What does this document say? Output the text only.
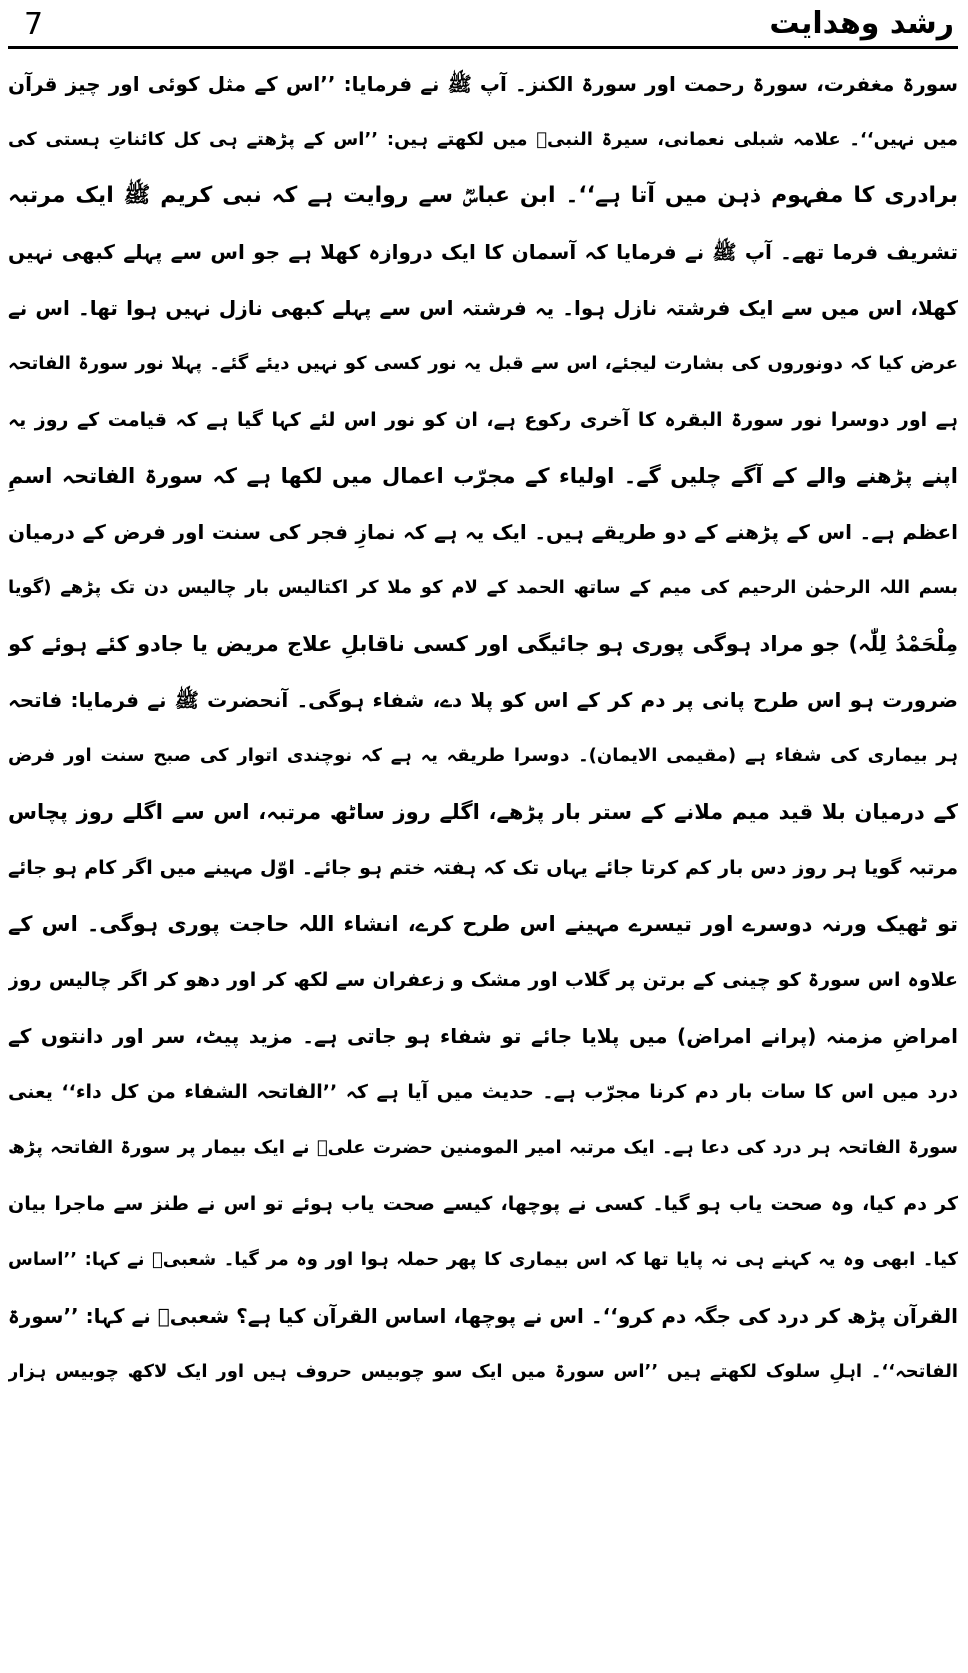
7	رشد وھدایت
سورۃ مغفرت، سورۃ رحمت اور سورۃ الکنز۔ آپ ﷺ نے فرمایا: ’’اس کے مثل کوئی اور چیز قرآن
میں نہیں‘‘۔ علامہ شبلی نعمانی، سیرۃ النبیؐ میں لکھتے ہیں: ’’اس کے پڑھتے ہی کل کائناتِ ہستی کی
برادری کا مفہوم ذہن میں آتا ہے‘‘۔ ابن عباسؓ سے روایت ہے کہ نبی کریم ﷺ ایک مرتبہ
تشریف فرما تھے۔ آپ ﷺ نے فرمایا کہ آسمان کا ایک دروازہ کھلا ہے جو اس سے پہلے کبھی نہیں
کھلا، اس میں سے ایک فرشتہ نازل ہوا۔ یہ فرشتہ اس سے پہلے کبھی نازل نہیں ہوا تھا۔ اس نے
عرض کیا کہ دونوروں کی بشارت لیجئے، اس سے قبل یہ نور کسی کو نہیں دیئے گئے۔ پہلا نور سورۃ الفاتحہ
ہے اور دوسرا نور سورۃ البقرہ کا آخری رکوع ہے، ان کو نور اس لئے کہا گیا ہے کہ قیامت کے روز یہ
اپنے پڑھنے والے کے آگے چلیں گے۔ اولیاء کے مجرّب اعمال میں لکھا ہے کہ سورۃ الفاتحہ اسمِ
اعظم ہے۔ اس کے پڑھنے کے دو طریقے ہیں۔ ایک یہ ہے کہ نمازِ فجر کی سنت اور فرض کے درمیان
بسم اللہ الرحمٰن الرحیم کی میم کے ساتھ الحمد کے لام کو ملا کر اکتالیس بار چالیس دن تک پڑھے (گویا
مِلْحَمْدُ لِلّٰہ) جو مراد ہوگی پوری ہو جائیگی اور کسی ناقابلِ علاج مریض یا جادو کئے ہوئے کو
ضرورت ہو اس طرح پانی پر دم کر کے اس کو پلا دے، شفاء ہوگی۔ آنحضرت ﷺ نے فرمایا: فاتحہ
ہر بیماری کی شفاء ہے (مقیمی الایمان)۔ دوسرا طریقہ یہ ہے کہ نوچندی اتوار کی صبح سنت اور فرض
کے درمیان بلا قید میم ملانے کے ستر بار پڑھے، اگلے روز ساٹھ مرتبہ، اس سے اگلے روز پچاس
مرتبہ گویا ہر روز دس بار کم کرتا جائے یہاں تک کہ ہفتہ ختم ہو جائے۔ اوّل مہینے میں اگر کام ہو جائے
تو ٹھیک ورنہ دوسرے اور تیسرے مہینے اس طرح کرے، انشاء اللہ حاجت پوری ہوگی۔ اس کے
علاوہ اس سورۃ کو چینی کے برتن پر گلاب اور مشک و زعفران سے لکھ کر اور دھو کر اگر چالیس روز
امراضِ مزمنہ (پرانے امراض) میں پلایا جائے تو شفاء ہو جاتی ہے۔ مزید پیٹ، سر اور دانتوں کے
درد میں اس کا سات بار دم کرنا مجرّب ہے۔ حدیث میں آیا ہے کہ ’’الفاتحہ الشفاء من کل داء‘‘ یعنی
سورۃ الفاتحہ ہر درد کی دعا ہے۔ ایک مرتبہ امیر المومنین حضرت علیؓ نے ایک بیمار پر سورۃ الفاتحہ پڑھ
کر دم کیا، وہ صحت یاب ہو گیا۔ کسی نے پوچھا، کیسے صحت یاب ہوئے تو اس نے طنز سے ماجرا بیان
کیا۔ ابھی وہ یہ کہنے ہی نہ پایا تھا کہ اس بیماری کا پھر حملہ ہوا اور وہ مر گیا۔ شعبیؒ نے کہا: ’’اساس
القرآن پڑھ کر درد کی جگہ دم کرو‘‘۔ اس نے پوچھا، اساس القرآن کیا ہے؟ شعبیؒ نے کہا: ’’سورۃ
الفاتحہ‘‘۔ اہلِ سلوک لکھتے ہیں ’’اس سورۃ میں ایک سو چوبیس حروف ہیں اور ایک لاکھ چوبیس ہزار
